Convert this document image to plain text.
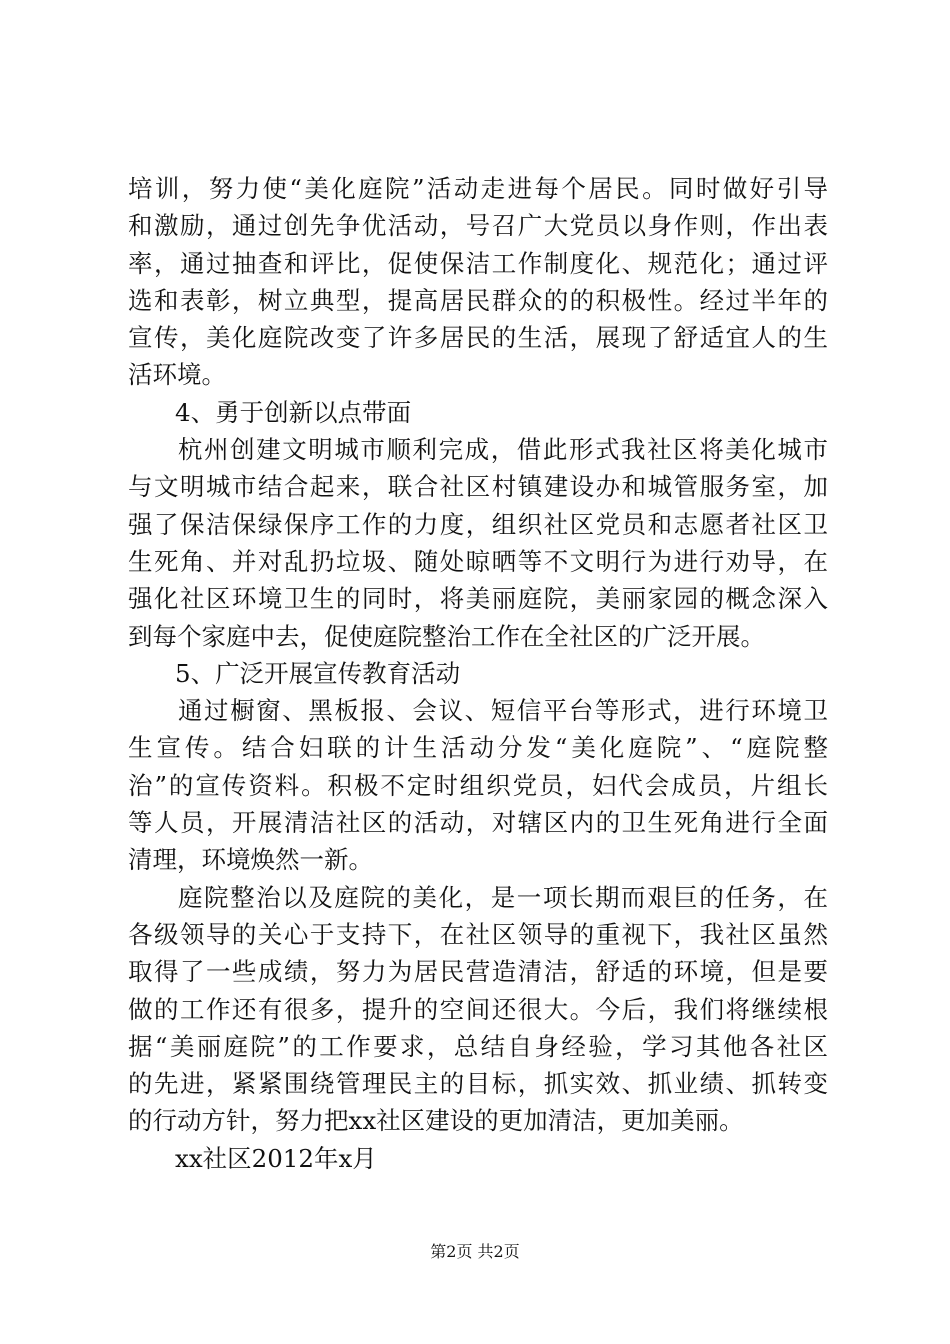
培训，努力使“美化庭院”活动走进每个居民。同时做好引导
和激励，通过创先争优活动，号召广大党员以身作则，作出表
率，通过抽查和评比，促使保洁工作制度化、规范化；通过评
选和表彰，树立典型，提高居民群众的的积极性。经过半年的
宣传，美化庭院改变了许多居民的生活，展现了舒适宜人的生
活环境。
4、勇于创新以点带面
杭州创建文明城市顺利完成，借此形式我社区将美化城市
与文明城市结合起来，联合社区村镇建设办和城管服务室，加
强了保洁保绿保序工作的力度，组织社区党员和志愿者社区卫
生死角、并对乱扔垃圾、随处晾晒等不文明行为进行劝导，在
强化社区环境卫生的同时，将美丽庭院，美丽家园的概念深入
到每个家庭中去，促使庭院整治工作在全社区的广泛开展。
5、广泛开展宣传教育活动
通过橱窗、黑板报、会议、短信平台等形式，进行环境卫
生宣传。结合妇联的计生活动分发“美化庭院”、“庭院整
治”的宣传资料。积极不定时组织党员，妇代会成员，片组长
等人员，开展清洁社区的活动，对辖区内的卫生死角进行全面
清理，环境焕然一新。
庭院整治以及庭院的美化，是一项长期而艰巨的任务，在
各级领导的关心于支持下，在社区领导的重视下，我社区虽然
取得了一些成绩，努力为居民营造清洁，舒适的环境，但是要
做的工作还有很多，提升的空间还很大。今后，我们将继续根
据“美丽庭院”的工作要求，总结自身经验，学习其他各社区
的先进，紧紧围绕管理民主的目标，抓实效、抓业绩、抓转变
的行动方针，努力把xx社区建设的更加清洁，更加美丽。
xx社区2012年x月
第2页 共2页
